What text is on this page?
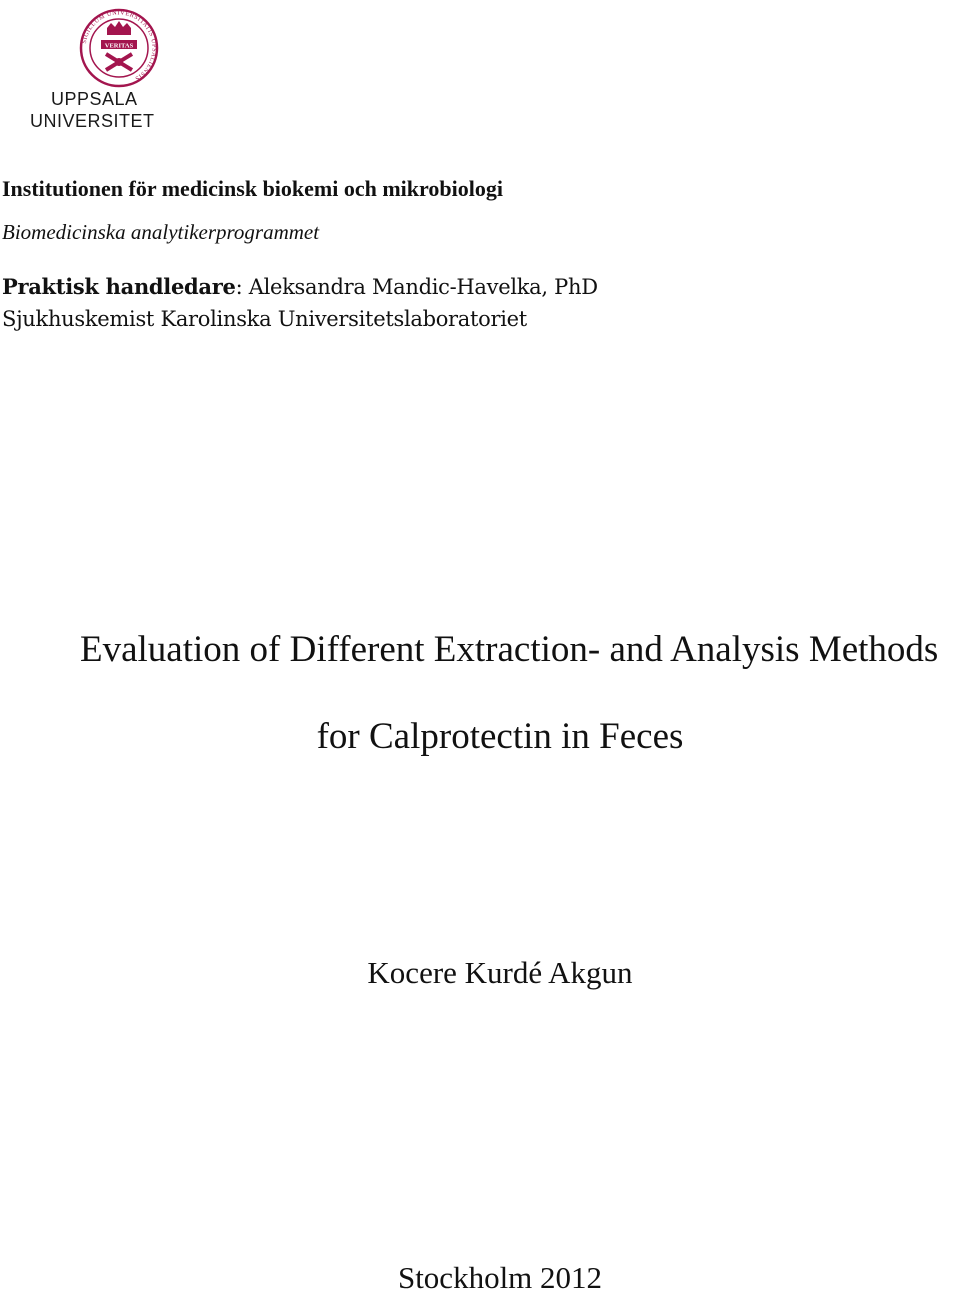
SIGILLUM UNIVERSITATIS UPSALIENSIS
VERITAS
UPPSALA
UNIVERSITET
Institutionen för medicinsk biokemi och mikrobiologi
Biomedicinska analytikerprogrammet
Praktisk handledare: Aleksandra Mandic-Havelka, PhD
Sjukhuskemist Karolinska Universitetslaboratoriet
Evaluation of Different Extraction- and Analysis Methods
for Calprotectin in Feces
Kocere Kurdé Akgun
Stockholm 2012
